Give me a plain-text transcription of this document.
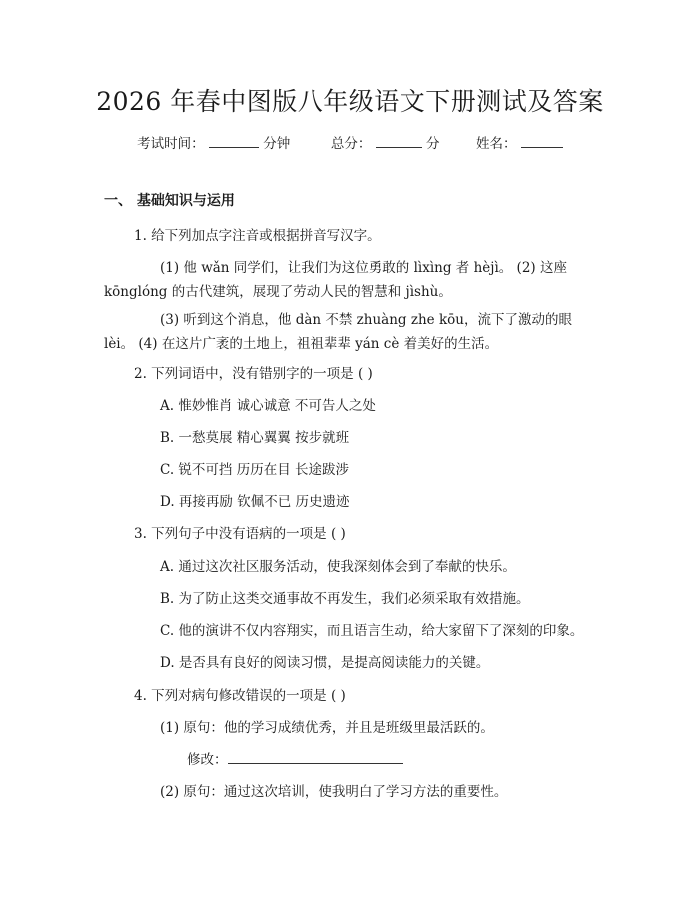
2026 年春中图版八年级语文下册测试及答案
考试时间：	分钟	总分：	分	姓名：
一、 基础知识与运用
1. 给下列加点字注音或根据拼音写汉字。
(1) 他 wǎn 同学们，让我们为这位勇敢的 lìxìng 者 hèjì。 (2) 这座
kōnglóng 的古代建筑，展现了劳动人民的智慧和 jìshù。
(3) 听到这个消息，他 dàn 不禁 zhuàng zhe kōu，流下了激动的眼
lèi。 (4) 在这片广袤的土地上，祖祖辈辈 yán cè 着美好的生活。
2. 下列词语中，没有错别字的一项是 ( )
A. 惟妙惟肖 诚心诚意 不可告人之处
B. 一愁莫展 精心翼翼 按步就班
C. 锐不可挡 历历在目 长途跋涉
D. 再接再励 钦佩不已 历史遗迹
3. 下列句子中没有语病的一项是 ( )
A. 通过这次社区服务活动，使我深刻体会到了奉献的快乐。
B. 为了防止这类交通事故不再发生，我们必须采取有效措施。
C. 他的演讲不仅内容翔实，而且语言生动，给大家留下了深刻的印象。
D. 是否具有良好的阅读习惯，是提高阅读能力的关键。
4. 下列对病句修改错误的一项是 ( )
(1) 原句：他的学习成绩优秀，并且是班级里最活跃的。
修改：
(2) 原句：通过这次培训，使我明白了学习方法的重要性。
